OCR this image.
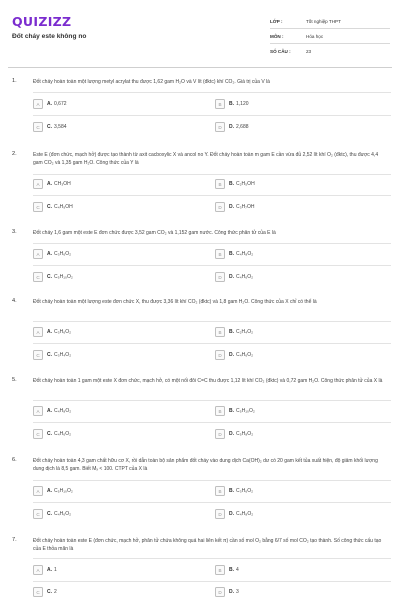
QUIZIZZ
Đốt cháy este không no
LỚP :	Tốt nghiệp THPT
MÔN :	Hóa học
SỐ CÂU :	23
1.	Đốt cháy hoàn toàn một lượng metyl acrylat thu được 1,62 gam H₂O và V lít (đktc) khí CO₂. Giá trị của V là
A	A. 0,672	B	B. 1,120
C	C. 3,584	D	D. 2,688
2.	Este E (đơn chức, mạch hở) được tạo thành từ axit cacboxylic X và ancol no Y. Đốt cháy hoàn toàn m gam E cần vừa đủ 2,52 lít khí O₂ (đktc), thu được 4,4 gam CO₂ và 1,35 gam H₂O. Công thức của Y là
A	A. CH₃OH	B	B. C₂H₅OH
C	C. C₄H₉OH	D	D. C₃H₇OH
3.	Đốt cháy 1,6 gam một este E đơn chức được 3,52 gam CO₂ và 1,152 gam nước. Công thức phân tử của E là
A	A. C₃H₆O₂	B	B. C₄H₈O₂
C	C. C₅H₁₀O₂	D	D. C₄H₆O₂
4.	Đốt cháy hoàn toàn một lượng este đơn chức X, thu được 3,36 lít khí CO₂ (đktc) và 1,8 gam H₂O. Công thức của X chỉ có thể là
A	A. C₃H₆O₂	B	B. C₂H₄O₂
C	C. C₃H₄O₂	D	D. C₄H₆O₂
5.	Đốt cháy hoàn toàn 1 gam một este X đơn chức, mạch hở, có một nối đôi C=C thu được 1,12 lít khí CO₂ (đktc) và 0,72 gam H₂O. Công thức phân tử của X là
A	A. C₄H₈O₂	B	B. C₅H₁₀O₂
C	C. C₄H₆O₂	D	D. C₅H₈O₂
6.	Đốt cháy hoàn toàn 4,3 gam chất hữu cơ X, rồi dẫn toàn bộ sản phẩm đốt cháy vào dung dịch Ca(OH)₂ dư có 20 gam kết tủa xuất hiện, độ giảm khối lượng dung dịch là 8,5 gam. Biết Mₓ < 100. CTPT của X là
A	A. C₅H₁₀O₂	B	B. C₃H₆O₂
C	C. C₄H₆O₂	D	D. C₄H₈O₂
7.	Đốt cháy hoàn toàn este E (đơn chức, mạch hở, phân tử chứa không quá hai liên kết π) cần số mol O₂ bằng 6/7 số mol CO₂ tạo thành. Số công thức cấu tạo của E thỏa mãn là
A	A. 1	B	B. 4
C	C. 2	D	D. 3
